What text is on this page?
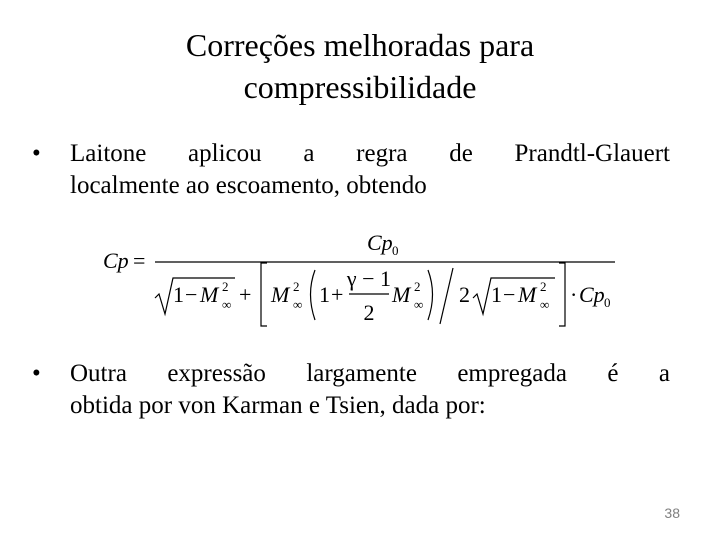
Correções melhoradas para
compressibilidade
• Laitone aplicou a regra de Prandtl-Glauert
localmente ao escoamento, obtendo
Cp =
Cp 0
1 − M 2
∞ + M 2
∞ 1 +
γ − 1
2
M 2
∞ 2 1 − M 2
∞ · Cp 0
• Outra expressão largamente empregada é a
obtida por von Karman e Tsien, dada por:
38
